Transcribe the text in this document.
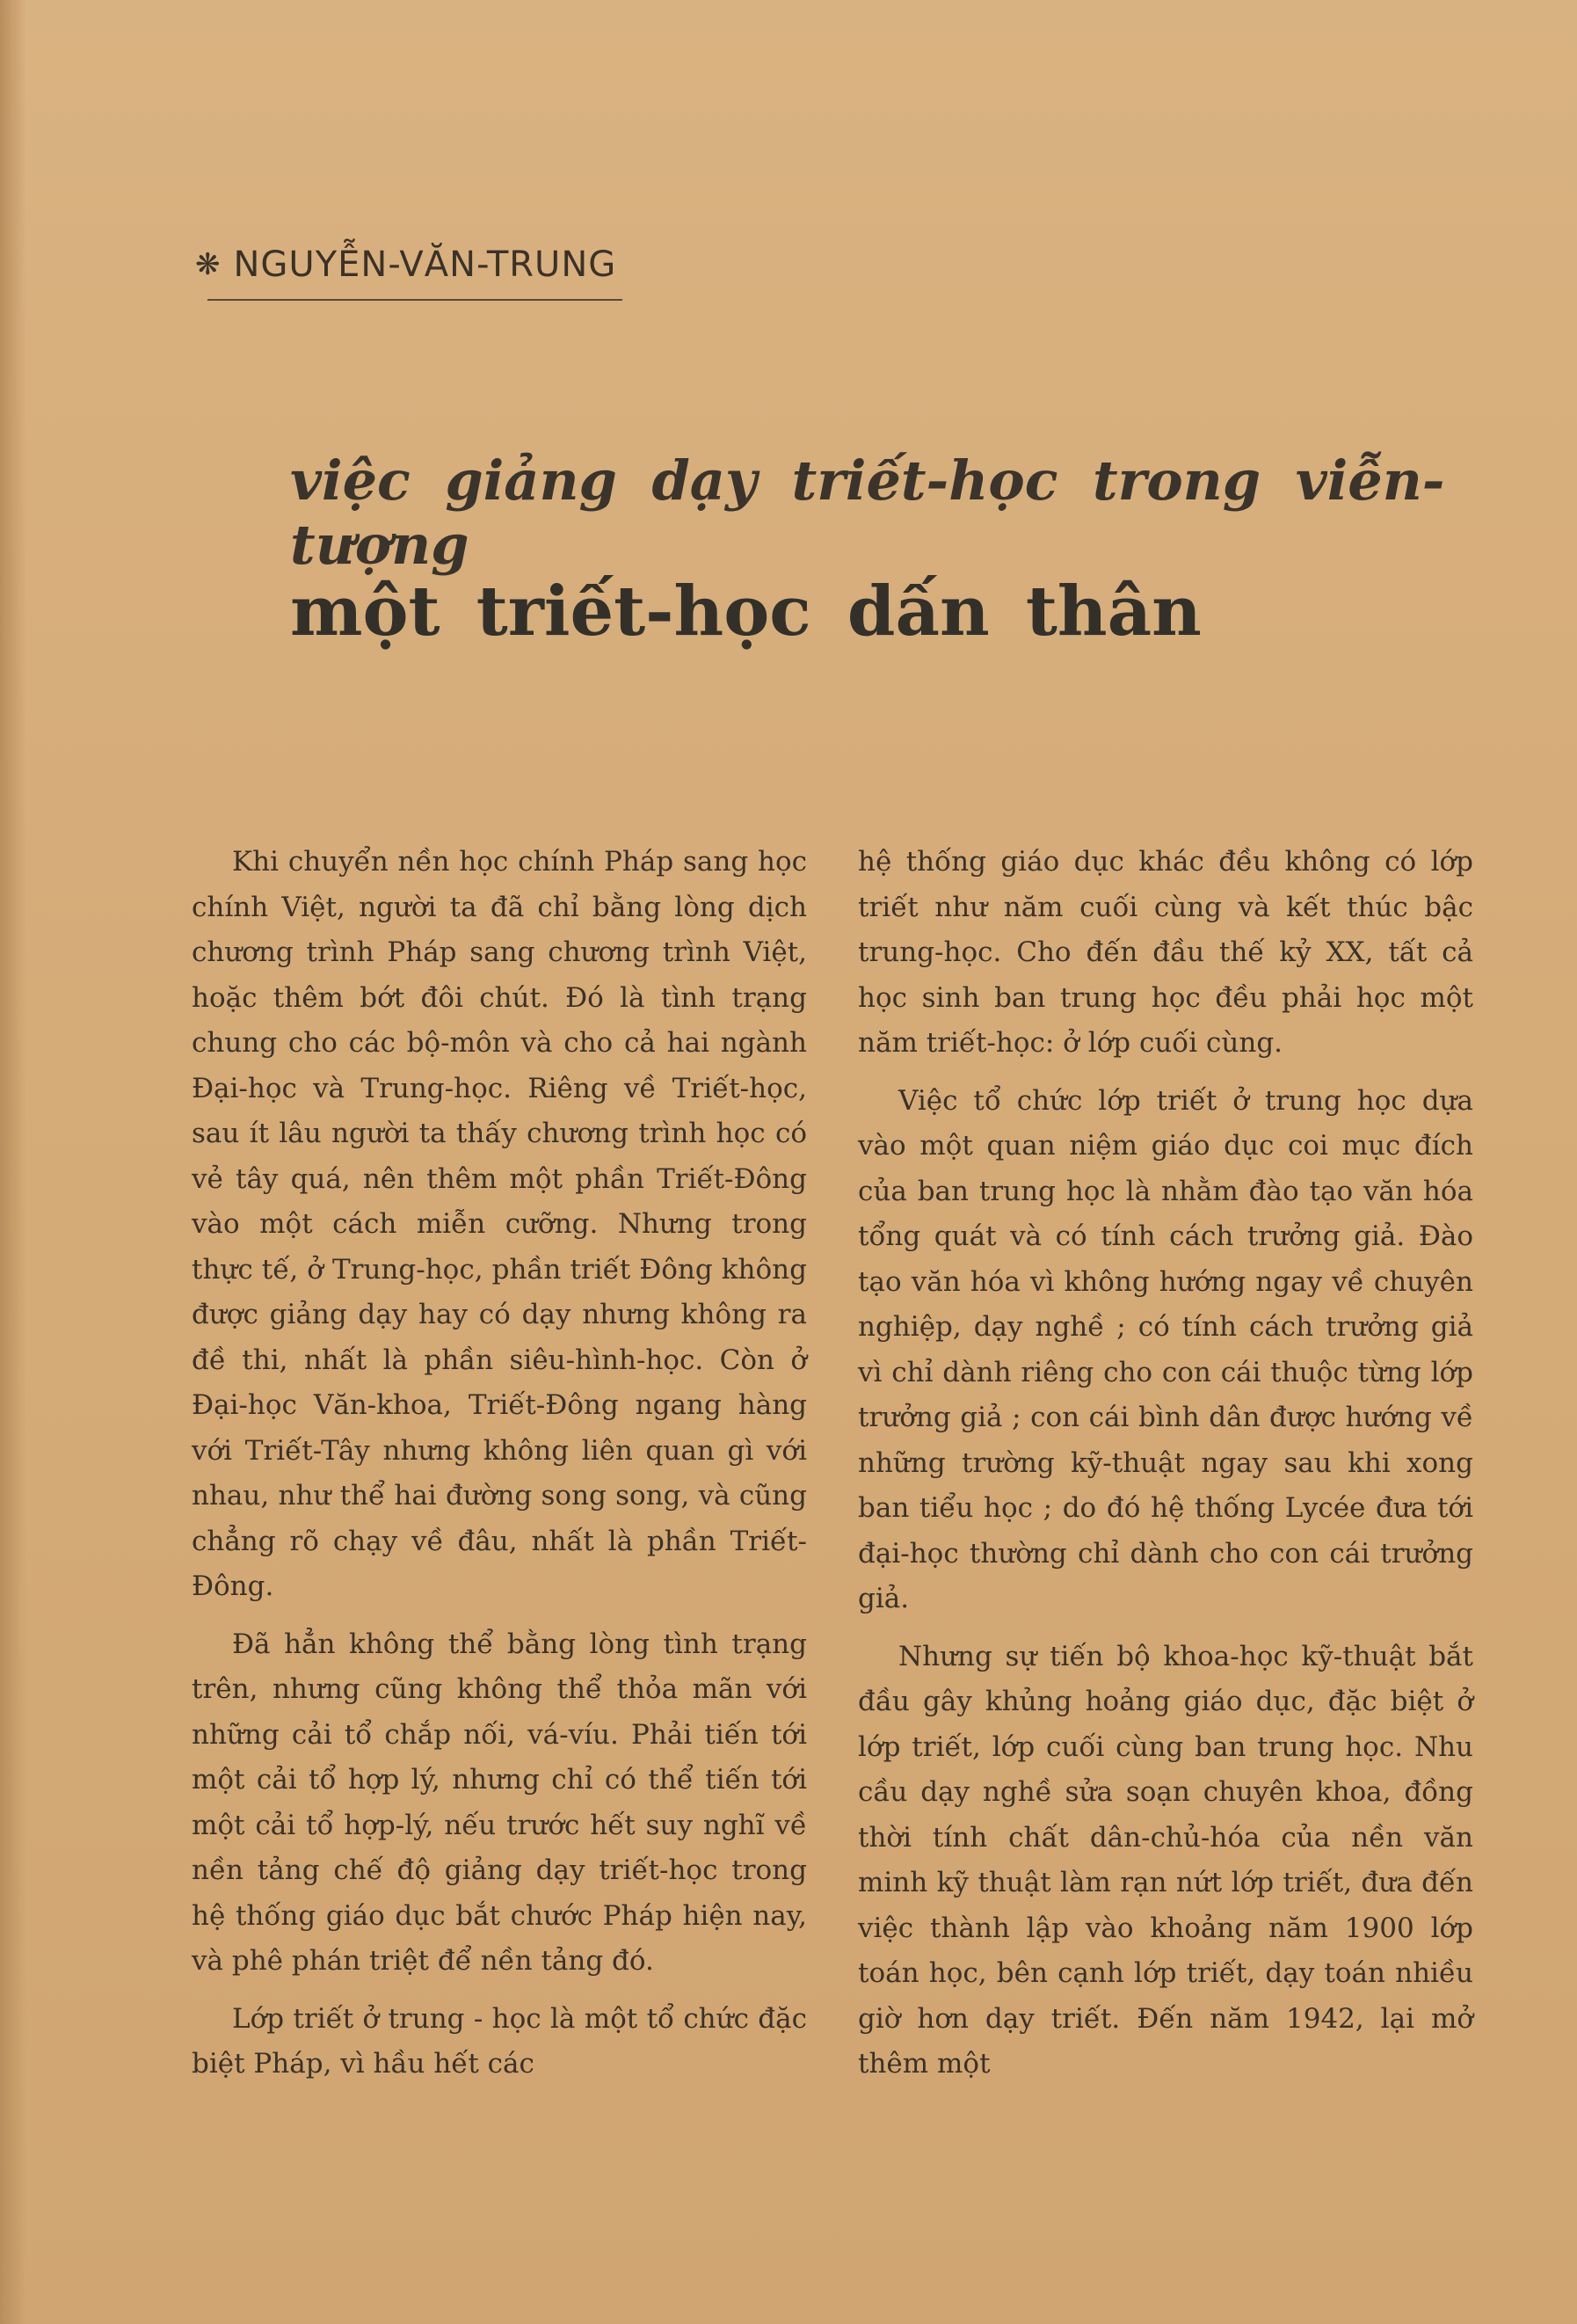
❋ NGUYỄN-VĂN-TRUNG
việc giảng dạy triết-học trong viễn-tượng
một triết-học dấn thân

Khi chuyển nền học chính Pháp sang học chính Việt, người ta đã chỉ bằng lòng dịch chương trình Pháp sang chương trình Việt, hoặc thêm bớt đôi chút. Đó là tình trạng chung cho các bộ-môn và cho cả hai ngành Đại-học và Trung-học. Riêng về Triết-học, sau ít lâu người ta thấy chương trình học có vẻ tây quá, nên thêm một phần Triết-Đông vào một cách miễn cưỡng. Nhưng trong thực tế, ở Trung-học, phần triết Đông không được giảng dạy hay có dạy nhưng không ra đề thi, nhất là phần siêu-hình-học. Còn ở Đại-học Văn-khoa, Triết-Đông ngang hàng với Triết-Tây nhưng không liên quan gì với nhau, như thể hai đường song song, và cũng chẳng rõ chạy về đâu, nhất là phần Triết-Đông.

Đã hẳn không thể bằng lòng tình trạng trên, nhưng cũng không thể thỏa mãn với những cải tổ chắp nối, vá-víu. Phải tiến tới một cải tổ hợp lý, nhưng chỉ có thể tiến tới một cải tổ hợp-lý, nếu trước hết suy nghĩ về nền tảng chế độ giảng dạy triết-học trong hệ thống giáo dục bắt chước Pháp hiện nay, và phê phán triệt để nền tảng đó.

Lớp triết ở trung - học là một tổ chức đặc biệt Pháp, vì hầu hết các

hệ thống giáo dục khác đều không có lớp triết như năm cuối cùng và kết thúc bậc trung-học. Cho đến đầu thế kỷ XX, tất cả học sinh ban trung học đều phải học một năm triết-học: ở lớp cuối cùng.

Việc tổ chức lớp triết ở trung học dựa vào một quan niệm giáo dục coi mục đích của ban trung học là nhằm đào tạo văn hóa tổng quát và có tính cách trưởng giả. Đào tạo văn hóa vì không hướng ngay về chuyên nghiệp, dạy nghề ; có tính cách trưởng giả vì chỉ dành riêng cho con cái thuộc từng lớp trưởng giả ; con cái bình dân được hướng về những trường kỹ-thuật ngay sau khi xong ban tiểu học ; do đó hệ thống Lycée đưa tới đại-học thường chỉ dành cho con cái trưởng giả.

Nhưng sự tiến bộ khoa-học kỹ-thuật bắt đầu gây khủng hoảng giáo dục, đặc biệt ở lớp triết, lớp cuối cùng ban trung học. Nhu cầu dạy nghề sửa soạn chuyên khoa, đồng thời tính chất dân-chủ-hóa của nền văn minh kỹ thuật làm rạn nứt lớp triết, đưa đến việc thành lập vào khoảng năm 1900 lớp toán học, bên cạnh lớp triết, dạy toán nhiều giờ hơn dạy triết. Đến năm 1942, lại mở thêm một
